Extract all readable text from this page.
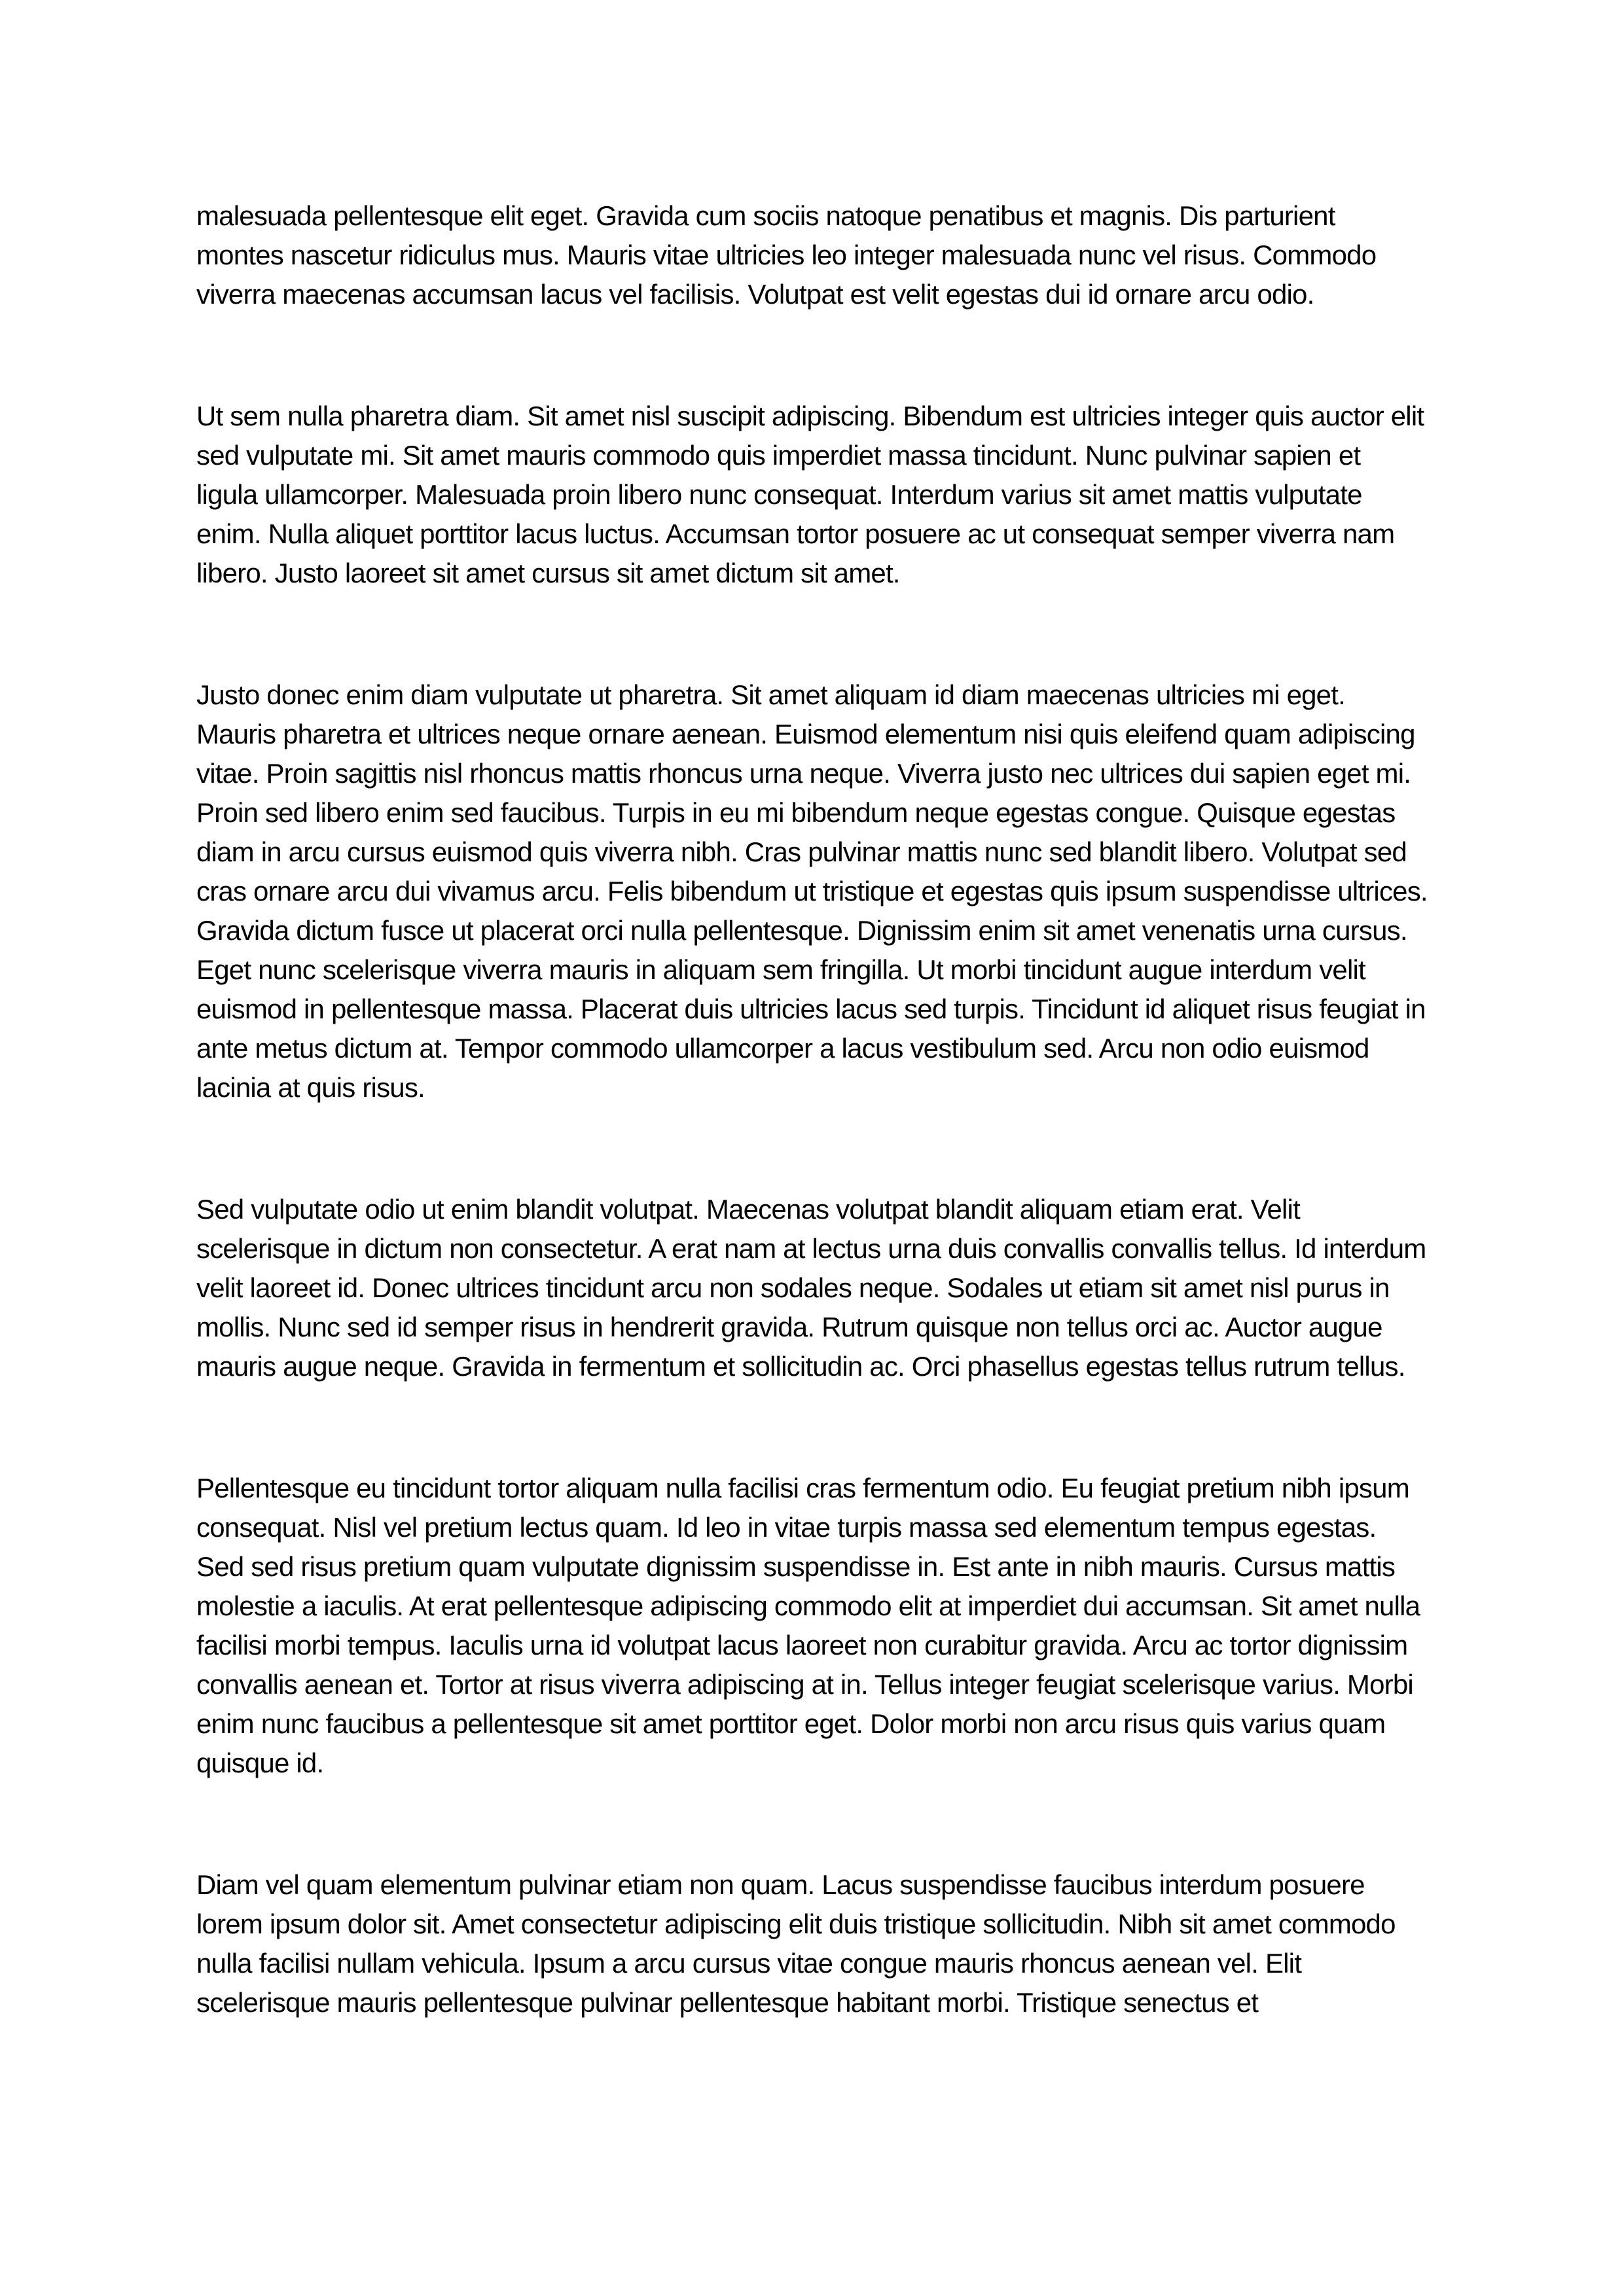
malesuada pellentesque elit eget. Gravida cum sociis natoque penatibus et magnis. Dis parturient montes nascetur ridiculus mus. Mauris vitae ultricies leo integer malesuada nunc vel risus. Commodo viverra maecenas accumsan lacus vel facilisis. Volutpat est velit egestas dui id ornare arcu odio.

Ut sem nulla pharetra diam. Sit amet nisl suscipit adipiscing. Bibendum est ultricies integer quis auctor elit sed vulputate mi. Sit amet mauris commodo quis imperdiet massa tincidunt. Nunc pulvinar sapien et ligula ullamcorper. Malesuada proin libero nunc consequat. Interdum varius sit amet mattis vulputate enim. Nulla aliquet porttitor lacus luctus. Accumsan tortor posuere ac ut consequat semper viverra nam libero. Justo laoreet sit amet cursus sit amet dictum sit amet.

Justo donec enim diam vulputate ut pharetra. Sit amet aliquam id diam maecenas ultricies mi eget. Mauris pharetra et ultrices neque ornare aenean. Euismod elementum nisi quis eleifend quam adipiscing vitae. Proin sagittis nisl rhoncus mattis rhoncus urna neque. Viverra justo nec ultrices dui sapien eget mi. Proin sed libero enim sed faucibus. Turpis in eu mi bibendum neque egestas congue. Quisque egestas diam in arcu cursus euismod quis viverra nibh. Cras pulvinar mattis nunc sed blandit libero. Volutpat sed cras ornare arcu dui vivamus arcu. Felis bibendum ut tristique et egestas quis ipsum suspendisse ultrices. Gravida dictum fusce ut placerat orci nulla pellentesque. Dignissim enim sit amet venenatis urna cursus. Eget nunc scelerisque viverra mauris in aliquam sem fringilla. Ut morbi tincidunt augue interdum velit euismod in pellentesque massa. Placerat duis ultricies lacus sed turpis. Tincidunt id aliquet risus feugiat in ante metus dictum at. Tempor commodo ullamcorper a lacus vestibulum sed. Arcu non odio euismod lacinia at quis risus.

Sed vulputate odio ut enim blandit volutpat. Maecenas volutpat blandit aliquam etiam erat. Velit scelerisque in dictum non consectetur. A erat nam at lectus urna duis convallis convallis tellus. Id interdum velit laoreet id. Donec ultrices tincidunt arcu non sodales neque. Sodales ut etiam sit amet nisl purus in mollis. Nunc sed id semper risus in hendrerit gravida. Rutrum quisque non tellus orci ac. Auctor augue mauris augue neque. Gravida in fermentum et sollicitudin ac. Orci phasellus egestas tellus rutrum tellus.

Pellentesque eu tincidunt tortor aliquam nulla facilisi cras fermentum odio. Eu feugiat pretium nibh ipsum consequat. Nisl vel pretium lectus quam. Id leo in vitae turpis massa sed elementum tempus egestas. Sed sed risus pretium quam vulputate dignissim suspendisse in. Est ante in nibh mauris. Cursus mattis molestie a iaculis. At erat pellentesque adipiscing commodo elit at imperdiet dui accumsan. Sit amet nulla facilisi morbi tempus. Iaculis urna id volutpat lacus laoreet non curabitur gravida. Arcu ac tortor dignissim convallis aenean et. Tortor at risus viverra adipiscing at in. Tellus integer feugiat scelerisque varius. Morbi enim nunc faucibus a pellentesque sit amet porttitor eget. Dolor morbi non arcu risus quis varius quam quisque id.

Diam vel quam elementum pulvinar etiam non quam. Lacus suspendisse faucibus interdum posuere lorem ipsum dolor sit. Amet consectetur adipiscing elit duis tristique sollicitudin. Nibh sit amet commodo nulla facilisi nullam vehicula. Ipsum a arcu cursus vitae congue mauris rhoncus aenean vel. Elit scelerisque mauris pellentesque pulvinar pellentesque habitant morbi. Tristique senectus et
